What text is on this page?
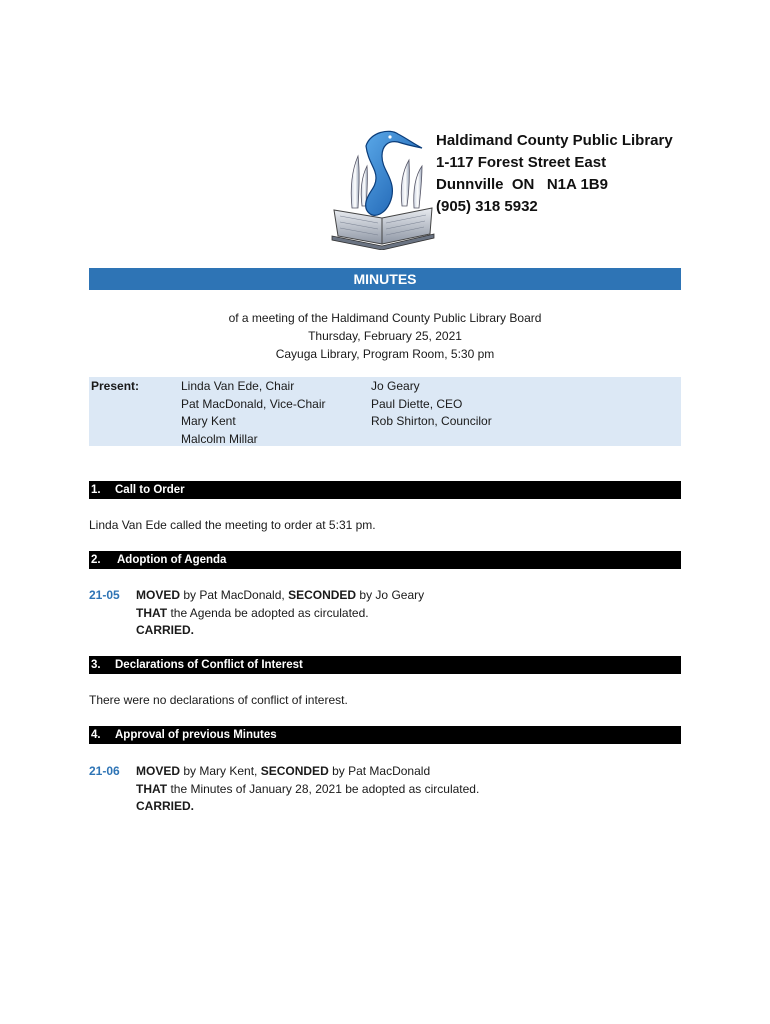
Haldimand County Public Library
1-117 Forest Street East
Dunnville  ON   N1A 1B9
(905) 318 5932
MINUTES
of a meeting of the Haldimand County Public Library Board
Thursday, February 25, 2021
Cayuga Library, Program Room, 5:30 pm
Present:	Linda Van Ede, Chair
Pat MacDonald, Vice-Chair
Mary Kent
Malcolm Millar
Jo Geary
Paul Diette, CEO
Rob Shirton, Councilor
1. Call to Order
Linda Van Ede called the meeting to order at 5:31 pm.
2. Adoption of Agenda
21-05 MOVED by Pat MacDonald, SECONDED by Jo Geary
THAT the Agenda be adopted as circulated.
CARRIED.
3. Declarations of Conflict of Interest
There were no declarations of conflict of interest.
4. Approval of previous Minutes
21-06 MOVED by Mary Kent, SECONDED by Pat MacDonald
THAT the Minutes of January 28, 2021 be adopted as circulated.
CARRIED.
